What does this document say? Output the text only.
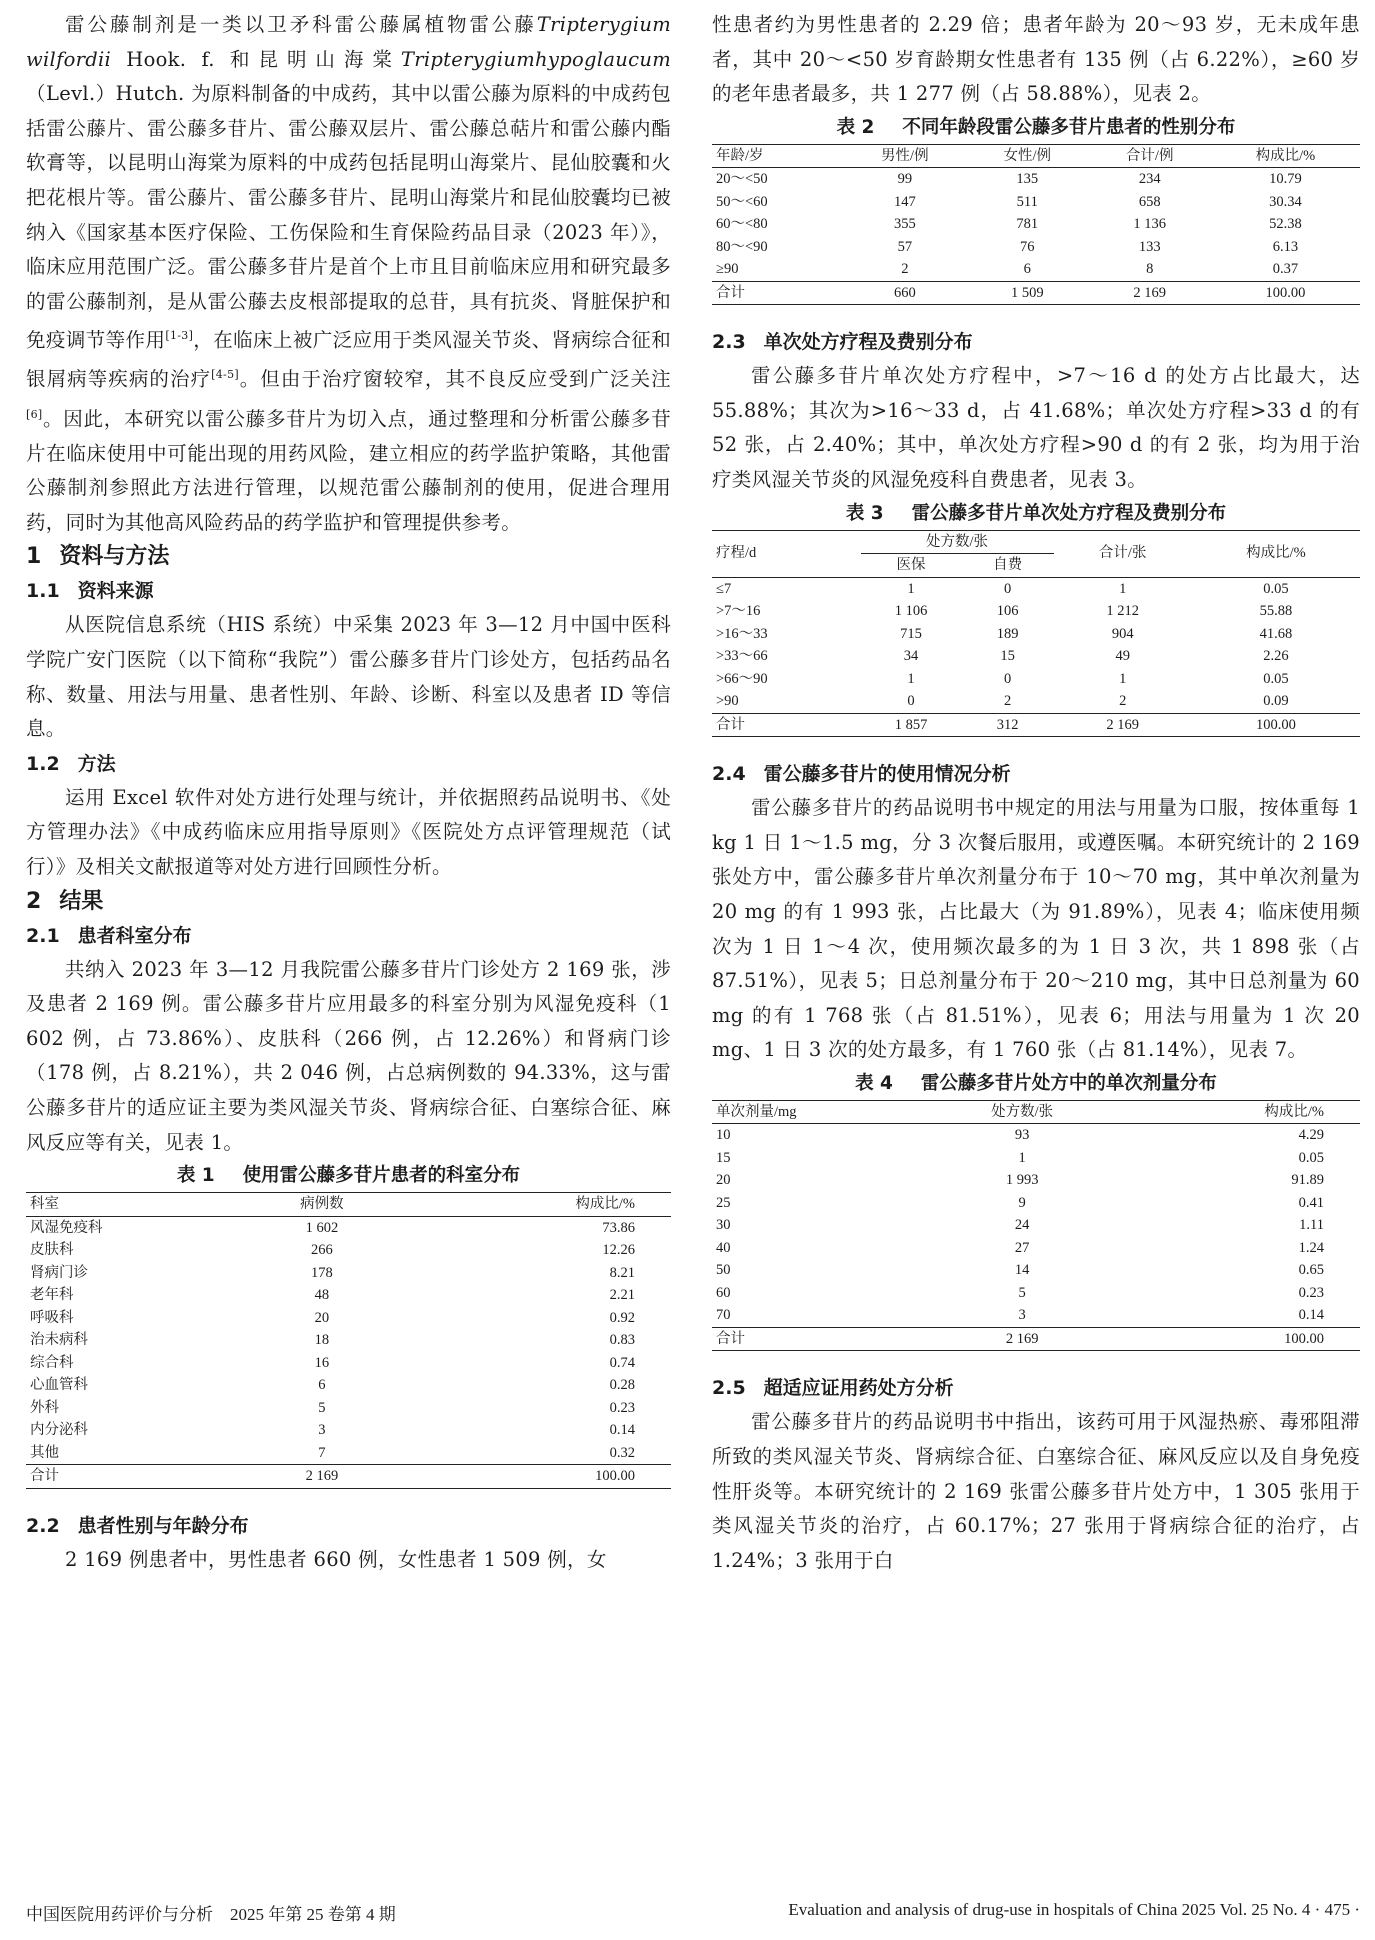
雷公藤制剂是一类以卫矛科雷公藤属植物雷公藤Tripterygium wilfordii Hook. f. 和昆明山海棠Tripterygiumhypoglaucum（Levl.）Hutch. 为原料制备的中成药，其中以雷公藤为原料的中成药包括雷公藤片、雷公藤多苷片、雷公藤双层片、雷公藤总萜片和雷公藤内酯软膏等，以昆明山海棠为原料的中成药包括昆明山海棠片、昆仙胶囊和火把花根片等。雷公藤片、雷公藤多苷片、昆明山海棠片和昆仙胶囊均已被纳入《国家基本医疗保险、工伤保险和生育保险药品目录（2023 年）》，临床应用范围广泛。雷公藤多苷片是首个上市且目前临床应用和研究最多的雷公藤制剂，是从雷公藤去皮根部提取的总苷，具有抗炎、肾脏保护和免疫调节等作用[1-3]，在临床上被广泛应用于类风湿关节炎、肾病综合征和银屑病等疾病的治疗[4-5]。但由于治疗窗较窄，其不良反应受到广泛关注[6]。因此，本研究以雷公藤多苷片为切入点，通过整理和分析雷公藤多苷片在临床使用中可能出现的用药风险，建立相应的药学监护策略，其他雷公藤制剂参照此方法进行管理，以规范雷公藤制剂的使用，促进合理用药，同时为其他高风险药品的药学监护和管理提供参考。

1 资料与方法

1.1 资料来源

从医院信息系统（HIS 系统）中采集 2023 年 3—12 月中国中医科学院广安门医院（以下简称“我院”）雷公藤多苷片门诊处方，包括药品名称、数量、用法与用量、患者性别、年龄、诊断、科室以及患者 ID 等信息。

1.2 方法

运用 Excel 软件对处方进行处理与统计，并依据照药品说明书、《处方管理办法》《中成药临床应用指导原则》《医院处方点评管理规范（试行）》及相关文献报道等对处方进行回顾性分析。

2 结果

2.1 患者科室分布

共纳入 2023 年 3—12 月我院雷公藤多苷片门诊处方 2 169 张，涉及患者 2 169 例。雷公藤多苷片应用最多的科室分别为风湿免疫科（1 602 例，占 73.86%）、皮肤科（266 例，占 12.26%）和肾病门诊（178 例，占 8.21%），共 2 046 例，占总病例数的 94.33%，这与雷公藤多苷片的适应证主要为类风湿关节炎、肾病综合征、白塞综合征、麻风反应等有关，见表 1。

表 1 使用雷公藤多苷片患者的科室分布

科室	病例数	构成比/%
风湿免疫科	1 602	73.86
皮肤科	266	12.26
肾病门诊	178	8.21
老年科	48	2.21
呼吸科	20	0.92
治未病科	18	0.83
综合科	16	0.74
心血管科	6	0.28
外科	5	0.23
内分泌科	3	0.14
其他	7	0.32
合计	2 169	100.00

2.2 患者性别与年龄分布

2 169 例患者中，男性患者 660 例，女性患者 1 509 例，女

性患者约为男性患者的 2.29 倍；患者年龄为 20～93 岁，无未成年患者，其中 20～<50 岁育龄期女性患者有 135 例（占 6.22%），≥60 岁的老年患者最多，共 1 277 例（占 58.88%），见表 2。

表 2 不同年龄段雷公藤多苷片患者的性别分布

年龄/岁	男性/例	女性/例	合计/例	构成比/%
20～<50	99	135	234	10.79
50～<60	147	511	658	30.34
60～<80	355	781	1 136	52.38
80～<90	57	76	133	6.13
≥90	2	6	8	0.37
合计	660	1 509	2 169	100.00

2.3 单次处方疗程及费别分布

雷公藤多苷片单次处方疗程中，>7～16 d 的处方占比最大，达 55.88%；其次为>16～33 d，占 41.68%；单次处方疗程>33 d 的有 52 张，占 2.40%；其中，单次处方疗程>90 d 的有 2 张，均为用于治疗类风湿关节炎的风湿免疫科自费患者，见表 3。

表 3 雷公藤多苷片单次处方疗程及费别分布

疗程/d	处方数/张		合计/张	构成比/%
	医保	自费		
≤7	1	0	1	0.05
>7～16	1 106	106	1 212	55.88
>16～33	715	189	904	41.68
>33～66	34	15	49	2.26
>66～90	1	0	1	0.05
>90	0	2	2	0.09
合计	1 857	312	2 169	100.00

2.4 雷公藤多苷片的使用情况分析

雷公藤多苷片的药品说明书中规定的用法与用量为口服，按体重每 1 kg 1 日 1～1.5 mg，分 3 次餐后服用，或遵医嘱。本研究统计的 2 169 张处方中，雷公藤多苷片单次剂量分布于 10～70 mg，其中单次剂量为 20 mg 的有 1 993 张，占比最大（为 91.89%），见表 4；临床使用频次为 1 日 1～4 次，使用频次最多的为 1 日 3 次，共 1 898 张（占 87.51%），见表 5；日总剂量分布于 20～210 mg，其中日总剂量为 60 mg 的有 1 768 张（占 81.51%），见表 6；用法与用量为 1 次 20 mg、1 日 3 次的处方最多，有 1 760 张（占 81.14%），见表 7。

表 4 雷公藤多苷片处方中的单次剂量分布

单次剂量/mg	处方数/张	构成比/%
10	93	4.29
15	1	0.05
20	1 993	91.89
25	9	0.41
30	24	1.11
40	27	1.24
50	14	0.65
60	5	0.23
70	3	0.14
合计	2 169	100.00

2.5 超适应证用药处方分析

雷公藤多苷片的药品说明书中指出，该药可用于风湿热瘀、毒邪阻滞所致的类风湿关节炎、肾病综合征、白塞综合征、麻风反应以及自身免疫性肝炎等。本研究统计的 2 169 张雷公藤多苷片处方中，1 305 张用于类风湿关节炎的治疗，占 60.17%；27 张用于肾病综合征的治疗，占 1.24%；3 张用于白

中国医院用药评价与分析　2025 年第 25 卷第 4 期	Evaluation and analysis of drug-use in hospitals of China 2025 Vol. 25 No. 4 · 475 ·
